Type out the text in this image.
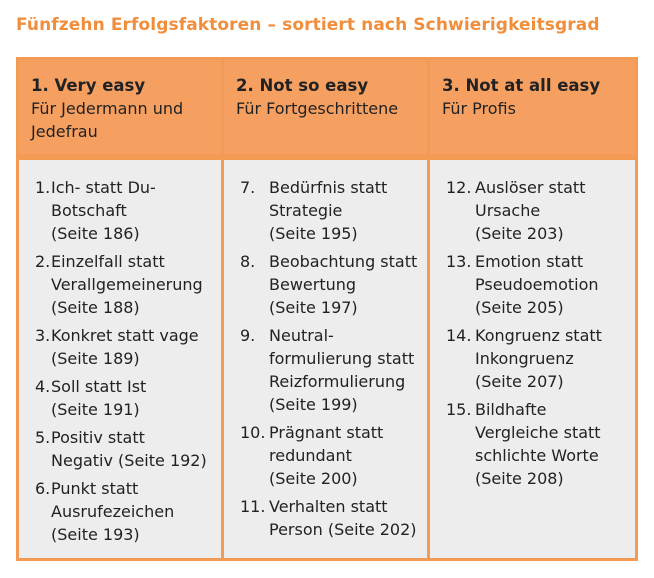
Fünfzehn Erfolgsfaktoren – sortiert nach Schwierigkeitsgrad
1. Very easy
Für Jedermann und
Jedefrau
2. Not so easy
Für Fortgeschrittene
3. Not at all easy
Für Profis
1. Ich- statt Du-
Botschaft
(Seite 186)
2. Einzelfall statt
Verallgemeinerung
(Seite 188)
3. Konkret statt vage
(Seite 189)
4. Soll statt Ist
(Seite 191)
5. Positiv statt
Negativ (Seite 192)
6. Punkt statt
Ausrufezeichen
(Seite 193)
7. Bedürfnis statt
Strategie
(Seite 195)
8. Beobachtung statt
Bewertung
(Seite 197)
9. Neutral-
formulierung statt
Reizformulierung
(Seite 199)
10. Prägnant statt
redundant
(Seite 200)
11. Verhalten statt
Person (Seite 202)
12. Auslöser statt
Ursache
(Seite 203)
13. Emotion statt
Pseudoemotion
(Seite 205)
14. Kongruenz statt
Inkongruenz
(Seite 207)
15. Bildhafte
Vergleiche statt
schlichte Worte
(Seite 208)
